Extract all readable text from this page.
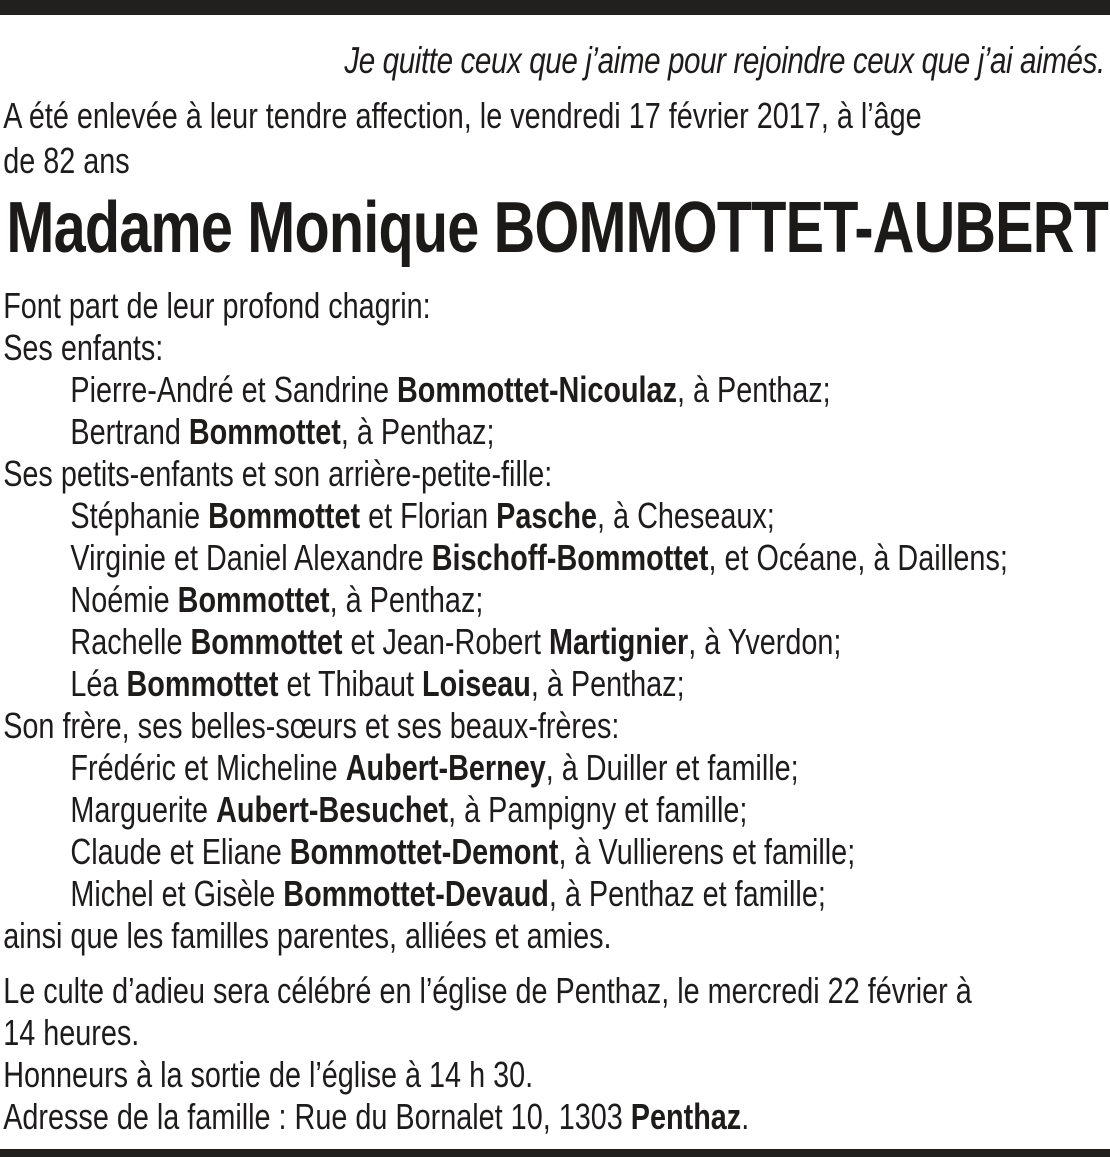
Je quitte ceux que j’aime pour rejoindre ceux que j’ai aimés.
A été enlevée à leur tendre affection, le vendredi 17 février 2017, à l’âge
de 82 ans
Madame Monique BOMMOTTET-AUBERT
Font part de leur profond chagrin:
Ses enfants:
Pierre-André et Sandrine Bommottet-Nicoulaz, à Penthaz;
Bertrand Bommottet, à Penthaz;
Ses petits-enfants et son arrière-petite-fille:
Stéphanie Bommottet et Florian Pasche, à Cheseaux;
Virginie et Daniel Alexandre Bischoff-Bommottet, et Océane, à Daillens;
Noémie Bommottet, à Penthaz;
Rachelle Bommottet et Jean-Robert Martignier, à Yverdon;
Léa Bommottet et Thibaut Loiseau, à Penthaz;
Son frère, ses belles-sœurs et ses beaux-frères:
Frédéric et Micheline Aubert-Berney, à Duiller et famille;
Marguerite Aubert-Besuchet, à Pampigny et famille;
Claude et Eliane Bommottet-Demont, à Vullierens et famille;
Michel et Gisèle Bommottet-Devaud, à Penthaz et famille;
ainsi que les familles parentes, alliées et amies.
Le culte d’adieu sera célébré en l’église de Penthaz, le mercredi 22 février à
14 heures.
Honneurs à la sortie de l’église à 14 h 30.
Adresse de la famille : Rue du Bornalet 10, 1303 Penthaz.
